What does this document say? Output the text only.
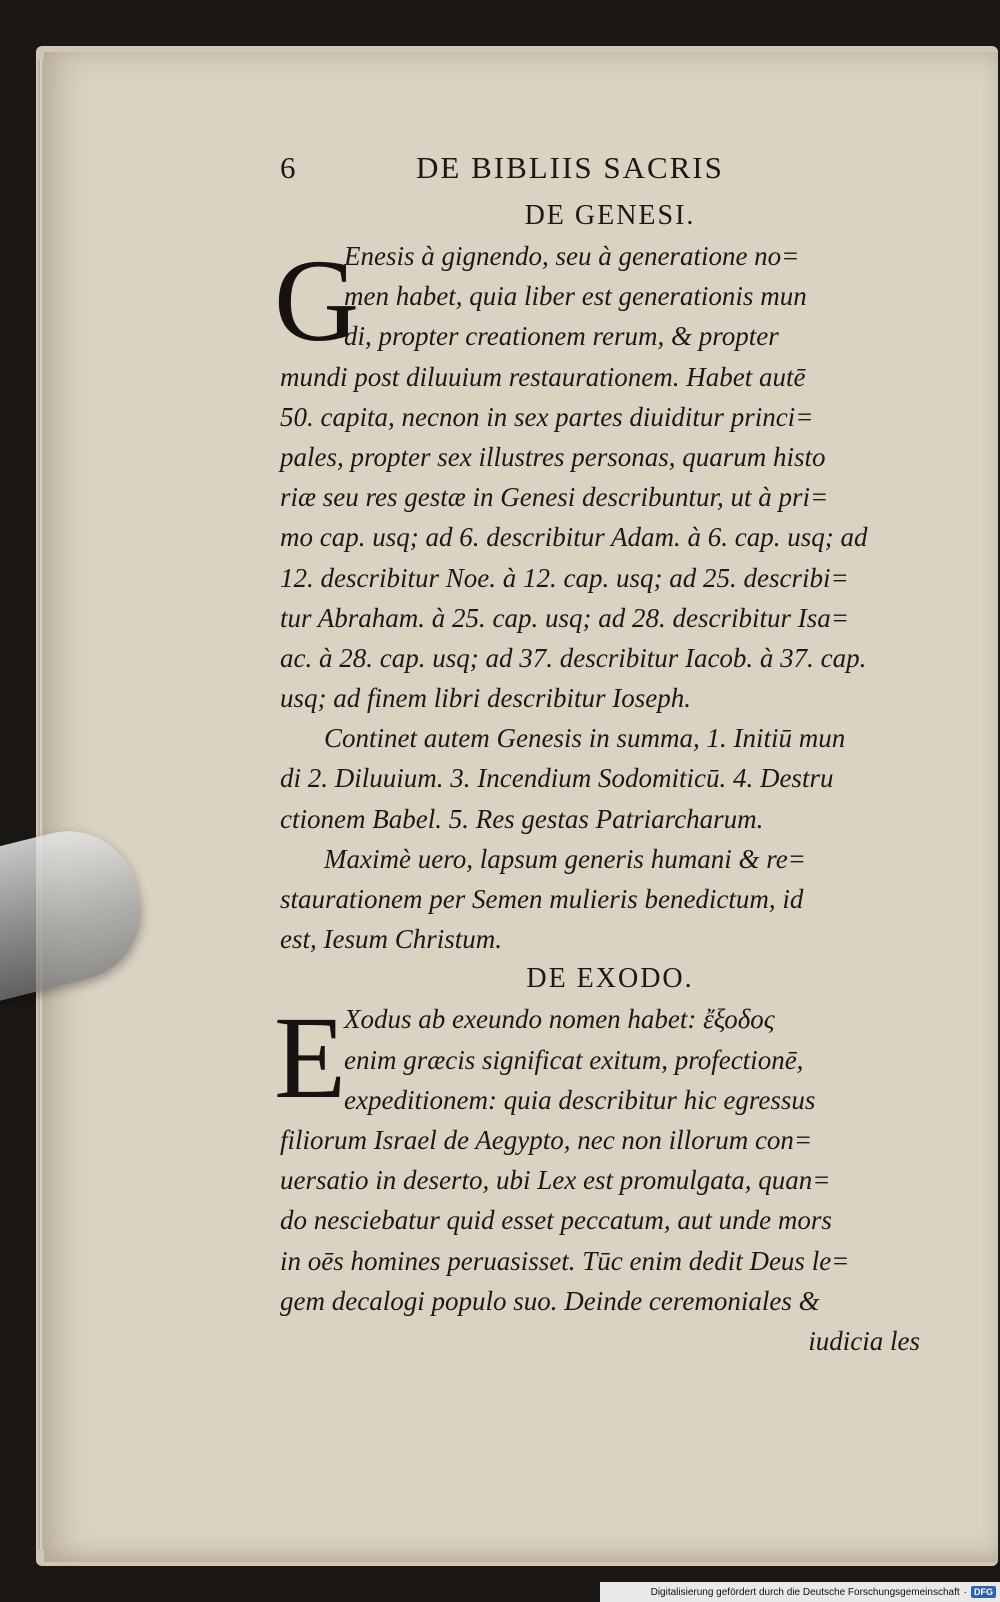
6	DE BIBLIIS SACRIS
DE GENESI.
G
Enesis à gignendo, seu à generatione no=
men habet, quia liber est generationis mun
di, propter creationem rerum, & propter
mundi post diluuium restaurationem. Habet autē
50. capita, necnon in sex partes diuiditur princi=
pales, propter sex illustres personas, quarum histo
riæ seu res gestæ in Genesi describuntur, ut à pri=
mo cap. usq; ad 6. describitur Adam. à 6. cap. usq; ad
12. describitur Noe. à 12. cap. usq; ad 25. describi=
tur Abraham. à 25. cap. usq; ad 28. describitur Isa=
ac. à 28. cap. usq; ad 37. describitur Iacob. à 37. cap.
usq; ad finem libri describitur Ioseph.
Continet autem Genesis in summa, 1. Initiū mun
di 2. Diluuium. 3. Incendium Sodomiticū. 4. Destru
ctionem Babel. 5. Res gestas Patriarcharum.
Maximè uero, lapsum generis humani & re=
staurationem per Semen mulieris benedictum, id
est, Iesum Christum.
DE EXODO.
E
Xodus ab exeundo nomen habet: ἔξοδος
enim græcis significat exitum, profectionē,
expeditionem: quia describitur hic egressus
filiorum Israel de Aegypto, nec non illorum con=
uersatio in deserto, ubi Lex est promulgata, quan=
do nesciebatur quid esset peccatum, aut unde mors
in oēs homines peruasisset. Tūc enim dedit Deus le=
gem decalogi populo suo. Deinde ceremoniales &
iudicia les
Digitalisierung gefördert durch die Deutsche Forschungsgemeinschaft · DFG
